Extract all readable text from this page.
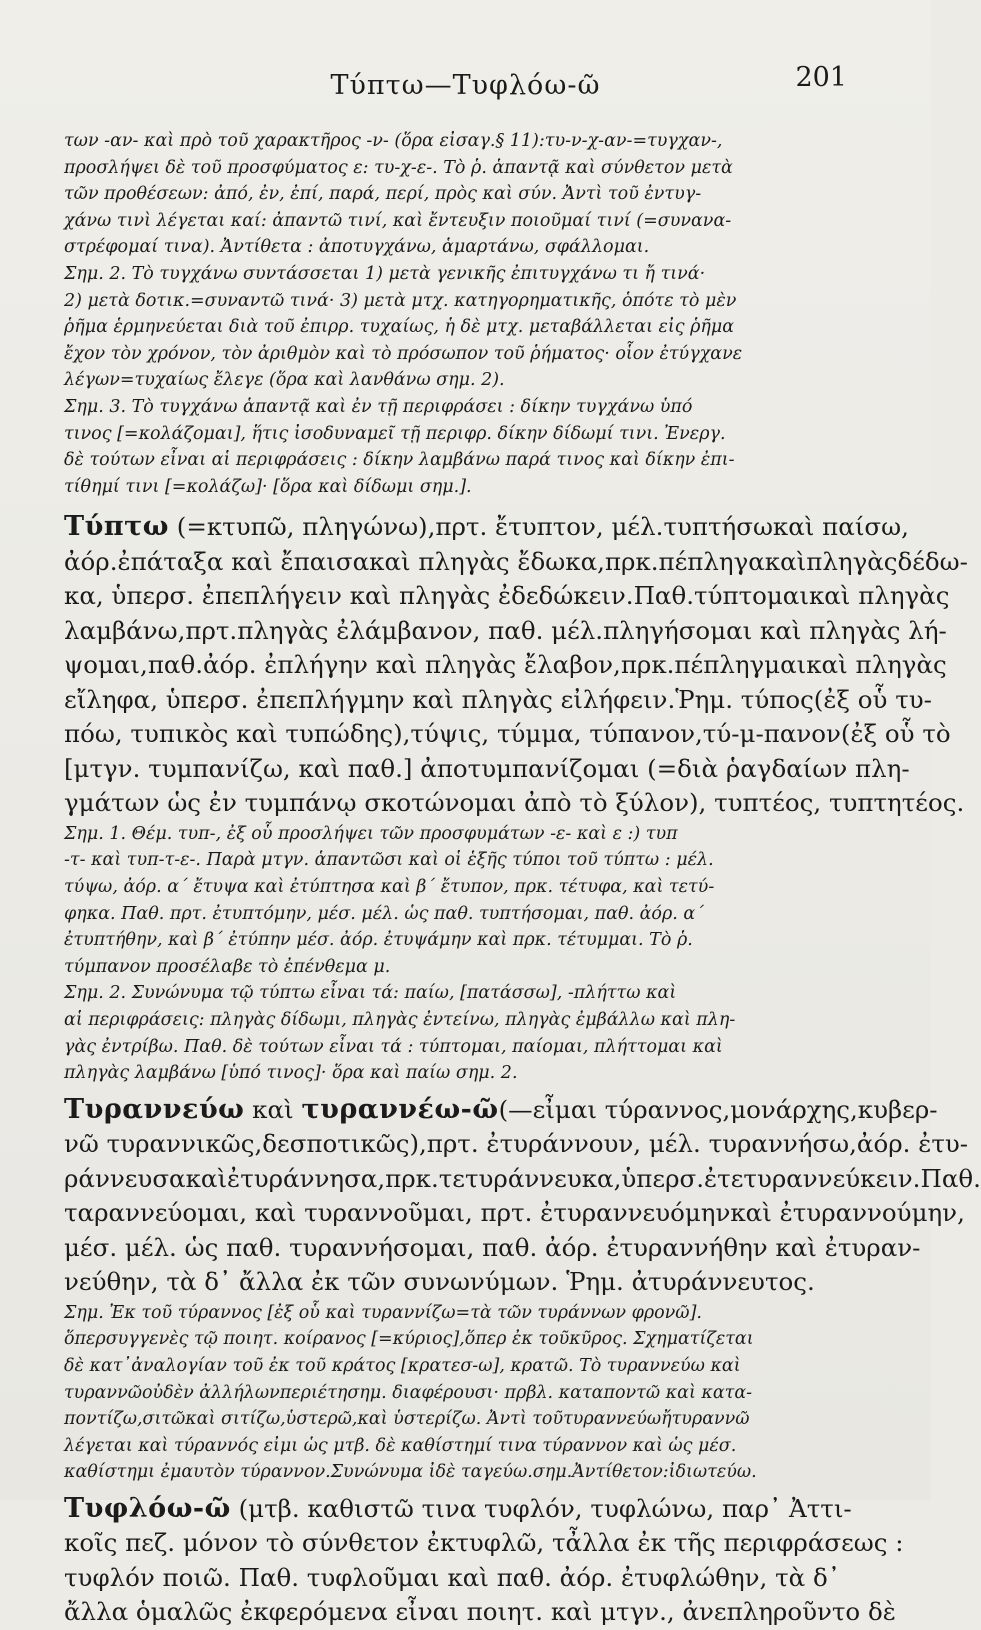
Τύπτω—Τυφλόω-ῶ	201
των -αν- καὶ πρὸ τοῦ χαρακτῆρος -ν- (ὅρα εἰσαγ.§ 11):τυ-ν-χ-αν-=τυγχαν-,
προσλήψει δὲ τοῦ προσφύματος ε: τυ-χ-ε-. Τὸ ῥ. ἁπαντᾷ καὶ σύνθετον μετὰ
τῶν προθέσεων: ἀπό, ἐν, ἐπί, παρά, περί, πρὸς καὶ σύν. Ἀντὶ τοῦ ἐντυγ-
χάνω τινὶ λέγεται καί: ἀπαντῶ τινί, καὶ ἔντευξιν ποιοῦμαί τινί (=συνανα-
στρέφομαί τινα). Ἀντίθετα : ἀποτυγχάνω, ἁμαρτάνω, σφάλλομαι.
Σημ. 2. Τὸ τυγχάνω συντάσσεται 1) μετὰ γενικῆς ἐπιτυγχάνω τι ἤ τινά·
2) μετὰ δοτικ.=συναντῶ τινά· 3) μετὰ μτχ. κατηγορηματικῆς, ὁπότε τὸ μὲν
ῥῆμα ἑρμηνεύεται διὰ τοῦ ἐπιρρ. τυχαίως, ἡ δὲ μτχ. μεταβάλλεται εἰς ῥῆμα
ἔχον τὸν χρόνον, τὸν ἀριθμὸν καὶ τὸ πρόσωπον τοῦ ῥήματος· οἷον ἐτύγχανε
λέγων=τυχαίως ἔλεγε (ὅρα καὶ λανθάνω σημ. 2).
Σημ. 3. Τὸ τυγχάνω ἁπαντᾷ καὶ ἐν τῇ περιφράσει : δίκην τυγχάνω ὑπό
τινος [=κολάζομαι], ἥτις ἰσοδυναμεῖ τῇ περιφρ. δίκην δίδωμί τινι. Ἐνεργ.
δὲ τούτων εἶναι αἱ περιφράσεις : δίκην λαμβάνω παρά τινος καὶ δίκην ἐπι-
τίθημί τινι [=κολάζω]· [ὅρα καὶ δίδωμι σημ.].
Τύπτω (=κτυπῶ, πληγώνω),πρτ. ἔτυπτον, μέλ.τυπτήσωκαὶ παίσω,
ἀόρ.ἐπάταξα καὶ ἔπαισακαὶ πληγὰς ἔδωκα,πρκ.πέπληγακαὶπληγὰςδέδω-
κα, ὑπερσ. ἐπεπλήγειν καὶ πληγὰς ἐδεδώκειν.Παθ.τύπτομαικαὶ πληγὰς
λαμβάνω,πρτ.πληγὰς ἐλάμβανον, παθ. μέλ.πληγήσομαι καὶ πληγὰς λή-
ψομαι,παθ.ἀόρ. ἐπλήγην καὶ πληγὰς ἔλαβον,πρκ.πέπληγμαικαὶ πληγὰς
εἴληφα, ὑπερσ. ἐπεπλήγμην καὶ πληγὰς εἰλήφειν.Ῥημ. τύπος(ἐξ οὗ τυ-
πόω, τυπικὸς καὶ τυπώδης),τύψις, τύμμα, τύπανον,τύ-μ-πανον(ἐξ οὗ τὸ
[μτγν. τυμπανίζω, καὶ παθ.] ἀποτυμπανίζομαι (=διὰ ῥαγδαίων πλη-
γμάτων ὡς ἐν τυμπάνῳ σκοτώνομαι ἀπὸ τὸ ξύλον), τυπτέος, τυπτητέος.
Σημ. 1. Θέμ. τυπ-, ἐξ οὗ προσλήψει τῶν προσφυμάτων -ε- καὶ ε :) τυπ
-τ- καὶ τυπ-τ-ε-. Παρὰ μτγν. ἁπαντῶσι καὶ οἱ ἑξῆς τύποι τοῦ τύπτω : μέλ.
τύψω, ἀόρ. α΄ ἔτυψα καὶ ἐτύπτησα καὶ β΄ ἔτυπον, πρκ. τέτυφα, καὶ τετύ-
φηκα. Παθ. πρτ. ἐτυπτόμην, μέσ. μέλ. ὡς παθ. τυπτήσομαι, παθ. ἀόρ. α΄
ἐτυπτήθην, καὶ β΄ ἐτύπην μέσ. ἀόρ. ἐτυψάμην καὶ πρκ. τέτυμμαι. Τὸ ῥ.
τύμπανον προσέλαβε τὸ ἐπένθεμα μ.
Σημ. 2. Συνώνυμα τῷ τύπτω εἶναι τά: παίω, [πατάσσω], -πλήττω καὶ
αἱ περιφράσεις: πληγὰς δίδωμι, πληγὰς ἐντείνω, πληγὰς ἐμβάλλω καὶ πλη-
γὰς ἐντρίβω. Παθ. δὲ τούτων εἶναι τά : τύπτομαι, παίομαι, πλήττομαι καὶ
πληγὰς λαμβάνω [ὑπό τινος]· ὅρα καὶ παίω σημ. 2.
Τυραννεύω καὶ τυραννέω-ῶ(—εἶμαι τύραννος,μονάρχης,κυβερ-
νῶ τυραννικῶς,δεσποτικῶς),πρτ. ἐτυράννουν, μέλ. τυραννήσω,ἀόρ. ἐτυ-
ράννευσακαὶἐτυράννησα,πρκ.τετυράννευκα,ὑπερσ.ἐτετυραννεύκειν.Παθ.
ταραννεύομαι, καὶ τυραννοῦμαι, πρτ. ἐτυραννευόμηνκαὶ ἐτυραννούμην,
μέσ. μέλ. ὡς παθ. τυραννήσομαι, παθ. ἀόρ. ἐτυραννήθην καὶ ἐτυραν-
νεύθην, τὰ δ᾽ ἄλλα ἐκ τῶν συνωνύμων. Ῥημ. ἀτυράννευτος.
Σημ. Ἐκ τοῦ τύραννος [ἐξ οὗ καὶ τυραννίζω=τὰ τῶν τυράννων φρονῶ].
ὅπερσυγγενὲς τῷ ποιητ. κοίρανος [=κύριος],ὅπερ ἐκ τοῦκῦρος. Σχηματίζεται
δὲ κατ᾽ἀναλογίαν τοῦ ἐκ τοῦ κράτος [κρατεσ-ω], κρατῶ. Τὸ τυραννεύω καὶ
τυραννῶοὐδὲν ἀλλήλωνπεριέτησημ. διαφέρουσι· πρβλ. καταποντῶ καὶ κατα-
ποντίζω,σιτῶκαὶ σιτίζω,ὑστερῶ,καὶ ὑστερίζω. Ἀντὶ τοῦτυραννεύωἤτυραννῶ
λέγεται καὶ τύραννός εἰμι ὡς μτβ. δὲ καθίστημί τινα τύραννον καὶ ὡς μέσ.
καθίστημι ἐμαυτὸν τύραννον.Συνώνυμα ἰδὲ ταγεύω.σημ.Ἀντίθετον:ἰδιωτεύω.
Τυφλόω-ῶ (μτβ. καθιστῶ τινα τυφλόν, τυφλώνω, παρ᾽ Ἀττι-
κοῖς πεζ. μόνον τὸ σύνθετον ἐκτυφλῶ, τἆλλα ἐκ τῆς περιφράσεως :
τυφλόν ποιῶ. Παθ. τυφλοῦμαι καὶ παθ. ἀόρ. ἐτυφλώθην, τὰ δ᾽
ἄλλα ὁμαλῶς ἐκφερόμενα εἶναι ποιητ. καὶ μτγν., ἀνεπληροῦντο δὲ
